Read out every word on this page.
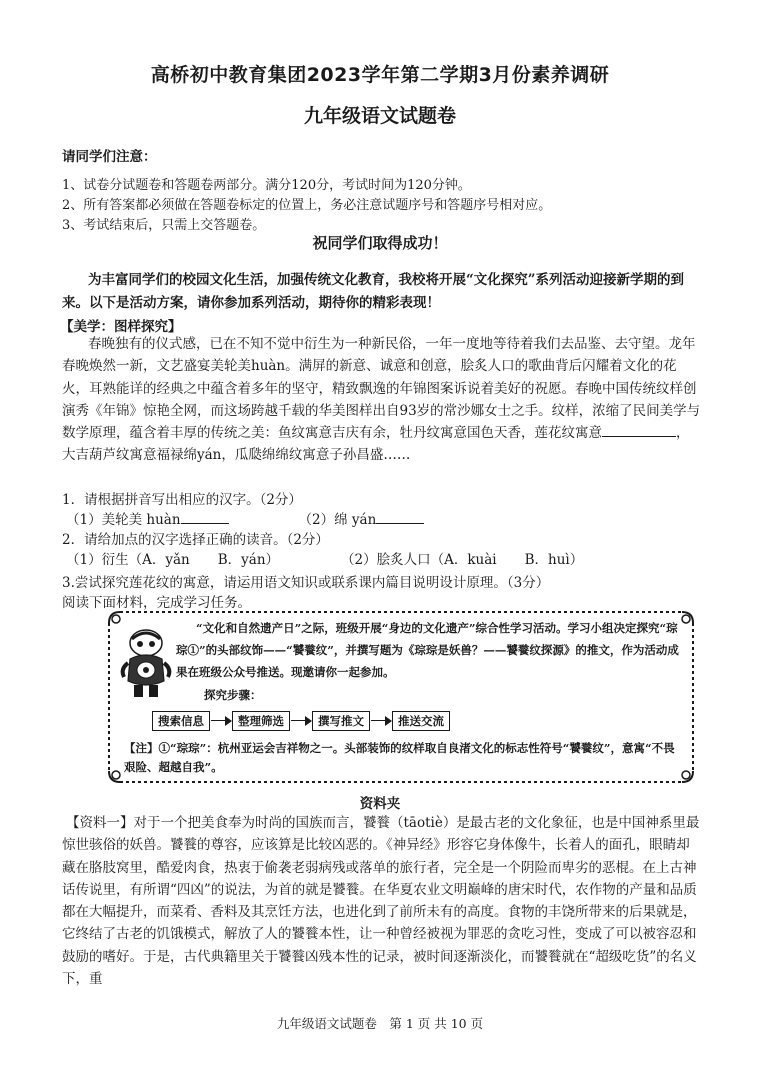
高桥初中教育集团2023学年第二学期3月份素养调研
九年级语文试题卷
请同学们注意：
1、试卷分试题卷和答题卷两部分。满分120分，考试时间为120分钟。
2、所有答案都必须做在答题卷标定的位置上，务必注意试题序号和答题序号相对应。
3、考试结束后，只需上交答题卷。
祝同学们取得成功！
为丰富同学们的校园文化生活，加强传统文化教育，我校将开展“文化探究”系列活动迎接新学期的到来。以下是活动方案，请你参加系列活动，期待你的精彩表现！
【美学：图样探究】
春晚独有的仪式感，已在不知不觉中衍生为一种新民俗，一年一度地等待着我们去品鉴、去守望。龙年春晚焕然一新，文艺盛宴美轮美huàn。满屏的新意、诚意和创意，脍炙人口的歌曲背后闪耀着文化的花火，耳熟能详的经典之中蕴含着多年的坚守，精致飘逸的年锦图案诉说着美好的祝愿。春晚中国传统纹样创演秀《年锦》惊艳全网，而这场跨越千载的华美图样出自93岁的常沙娜女士之手。纹样，浓缩了民间美学与数学原理，蕴含着丰厚的传统之美：鱼纹寓意吉庆有余，牡丹纹寓意国色天香，莲花纹寓意	，大吉葫芦纹寓意福禄绵yán，瓜瓞绵绵纹寓意子孙昌盛……
1．请根据拼音写出相应的汉字。（2分）
（1）美轮美 huàn	（2）绵 yán
2．请给加点的汉字选择正确的读音。（2分）
（1）衍生（A．yǎn B．yán）	（2）脍炙人口（A．kuài B．huì）
3.尝试探究莲花纹的寓意，请运用语文知识或联系课内篇目说明设计原理。（3分）
阅读下面材料，完成学习任务。
“文化和自然遗产日”之际，班级开展“身边的文化遗产”综合性学习活动。学习小组决定探究“琮琮①”的头部纹饰——“饕餮纹”，并撰写题为《琮琮是妖兽？——饕餮纹探源》的推文，作为活动成果在班级公众号推送。现邀请你一起参加。
探究步骤：
搜索信息	整理筛选	撰写推文	推送交流
【注】①“琮琮”：杭州亚运会吉祥物之一。头部装饰的纹样取自良渚文化的标志性符号“饕餮纹”，意寓“不畏艰险、超越自我”。
资料夹
【资料一】对于一个把美食奉为时尚的国族而言，饕餮（tāotiè）是最古老的文化象征，也是中国神系里最惊世骇俗的妖兽。饕餮的尊容，应该算是比较凶恶的。《神异经》形容它身体像牛，长着人的面孔，眼睛却藏在胳肢窝里，酷爱肉食，热衷于偷袭老弱病残或落单的旅行者，完全是一个阴险而卑劣的恶棍。在上古神话传说里，有所谓“四凶”的说法，为首的就是饕餮。在华夏农业文明巅峰的唐宋时代，农作物的产量和品质都在大幅提升，而菜肴、香料及其烹饪方法，也进化到了前所未有的高度。食物的丰饶所带来的后果就是，它终结了古老的饥饿模式，解放了人的饕餮本性，让一种曾经被视为罪恶的贪吃习性，变成了可以被容忍和鼓励的嗜好。于是，古代典籍里关于饕餮凶残本性的记录，被时间逐渐淡化，而饕餮就在“超级吃货”的名义下，重
九年级语文试题卷　第 1 页 共 10 页
